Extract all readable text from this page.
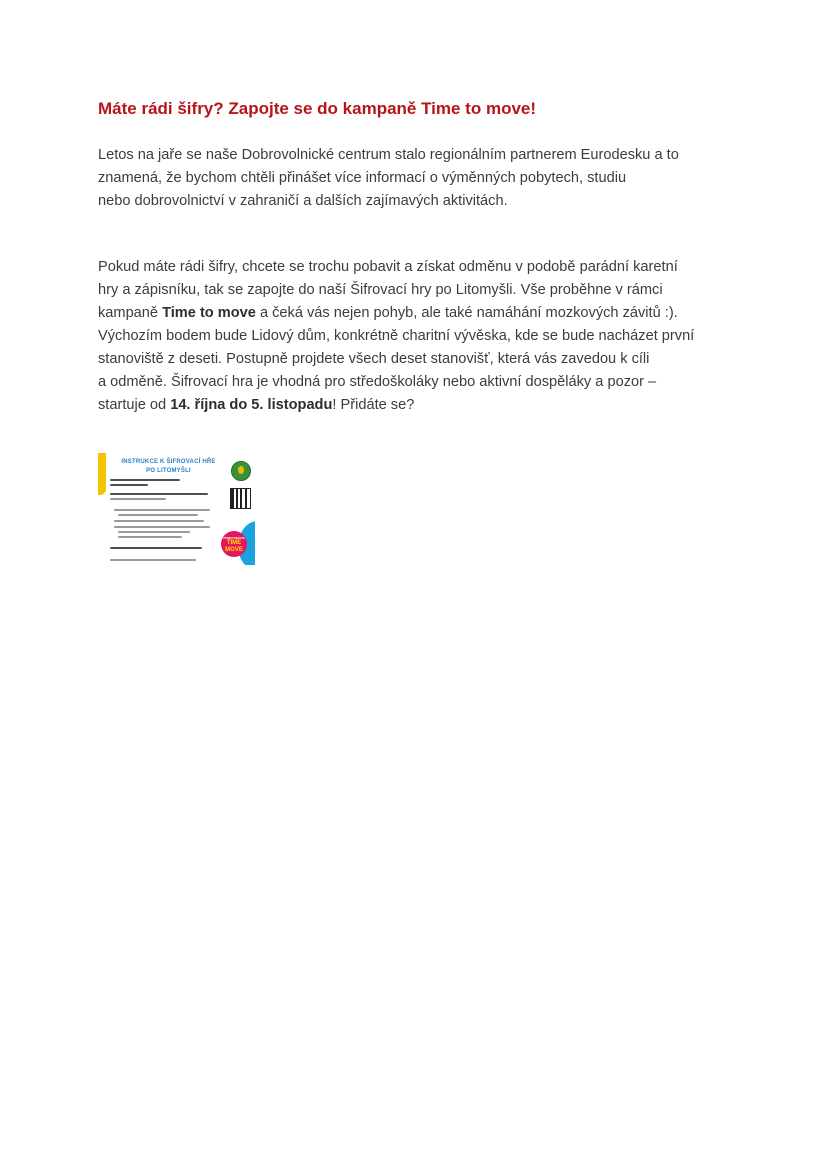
Máte rádi šifry? Zapojte se do kampaně Time to move!

Letos na jaře se naše Dobrovolnické centrum stalo regionálním partnerem Eurodesku a to
znamená, že bychom chtěli přinášet více informací o výměnných pobytech, studiu
nebo dobrovolnictví v zahraničí a dalších zajímavých aktivitách.

Pokud máte rádi šifry, chcete se trochu pobavit a získat odměnu v podobě parádní karetní
hry a zápisníku, tak se zapojte do naší Šifrovací hry po Litomyšli. Vše proběhne v rámci
kampaně Time to move a čeká vás nejen pohyb, ale také namáhání mozkových závitů :).
Výchozím bodem bude Lidový dům, konkrétně charitní vývěska, kde se bude nacházet první
stanoviště z deseti. Postupně projdete všech deset stanovišť, která vás zavedou k cíli
a odměně. Šifrovací hra je vhodná pro středoškoláky nebo aktivní dospěláky a pozor –
startuje od 14. října do 5. listopadu! Přidáte se?

INSTRUKCE K ŠIFROVACÍ HŘE
PO LITOMYŠLI
#TIMETOMOVE
TIME
MOVE
